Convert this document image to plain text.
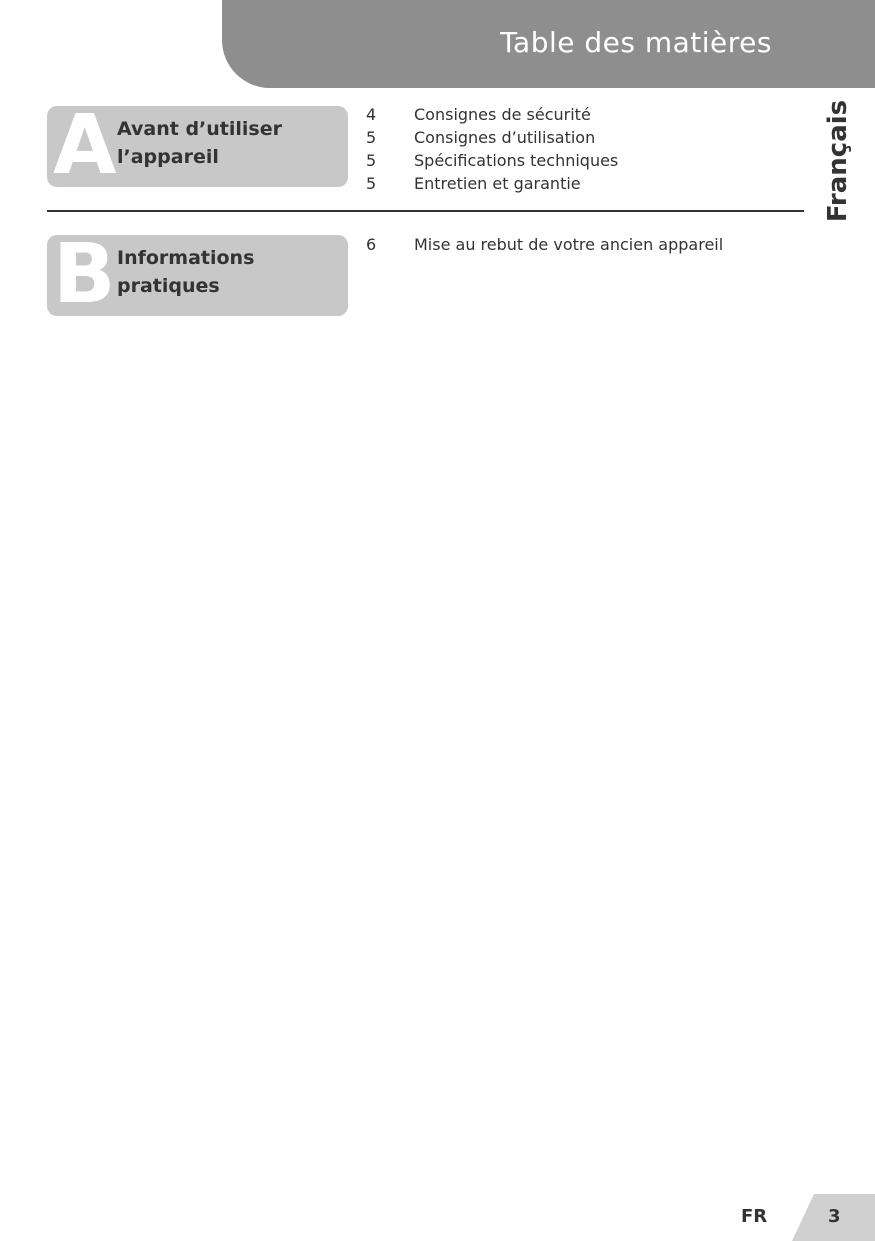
Table des matières
Français
A Avant d’utiliser
l’appareil
4	Consignes de sécurité
5	Consignes d’utilisation
5	Spécifications techniques
5	Entretien et garantie
B Informations
pratiques
6	Mise au rebut de votre ancien appareil
FR	3
